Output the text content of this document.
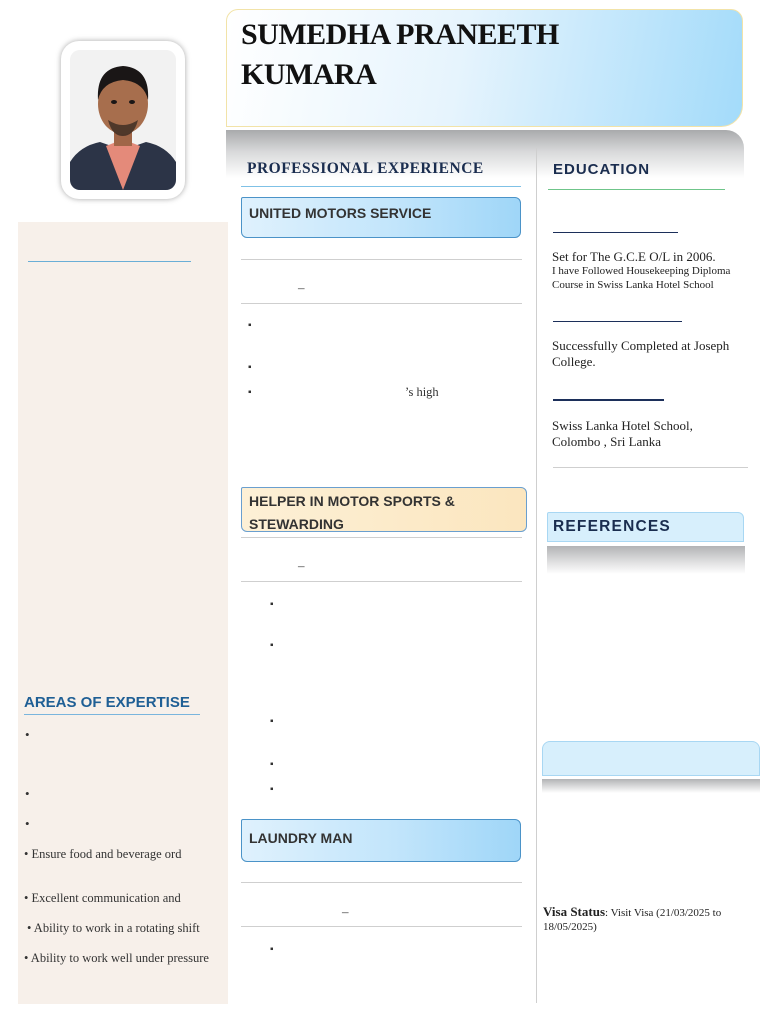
AREAS OF EXPERTISE
•
•
•
• Ensure food and beverage ord
• Excellent communication and
• Ability to work in a rotating shift
• Ability to work well under pressure
SUMEDHA PRANEETH
KUMARA
PROFESSIONAL EXPERIENCE
UNITED MOTORS SERVICE
–
▪
▪
▪	’s high
HELPER IN MOTOR SPORTS & STEWARDING
–
▪
▪
▪
▪
▪
LAUNDRY MAN
–
▪
EDUCATION
Set for The G.C.E O/L in 2006.
I have Followed Housekeeping Diploma Course in Swiss Lanka Hotel School
Successfully Completed at Joseph College.
Swiss Lanka Hotel School, Colombo , Sri Lanka
REFERENCES
Visa Status: Visit Visa (21/03/2025 to 18/05/2025)
